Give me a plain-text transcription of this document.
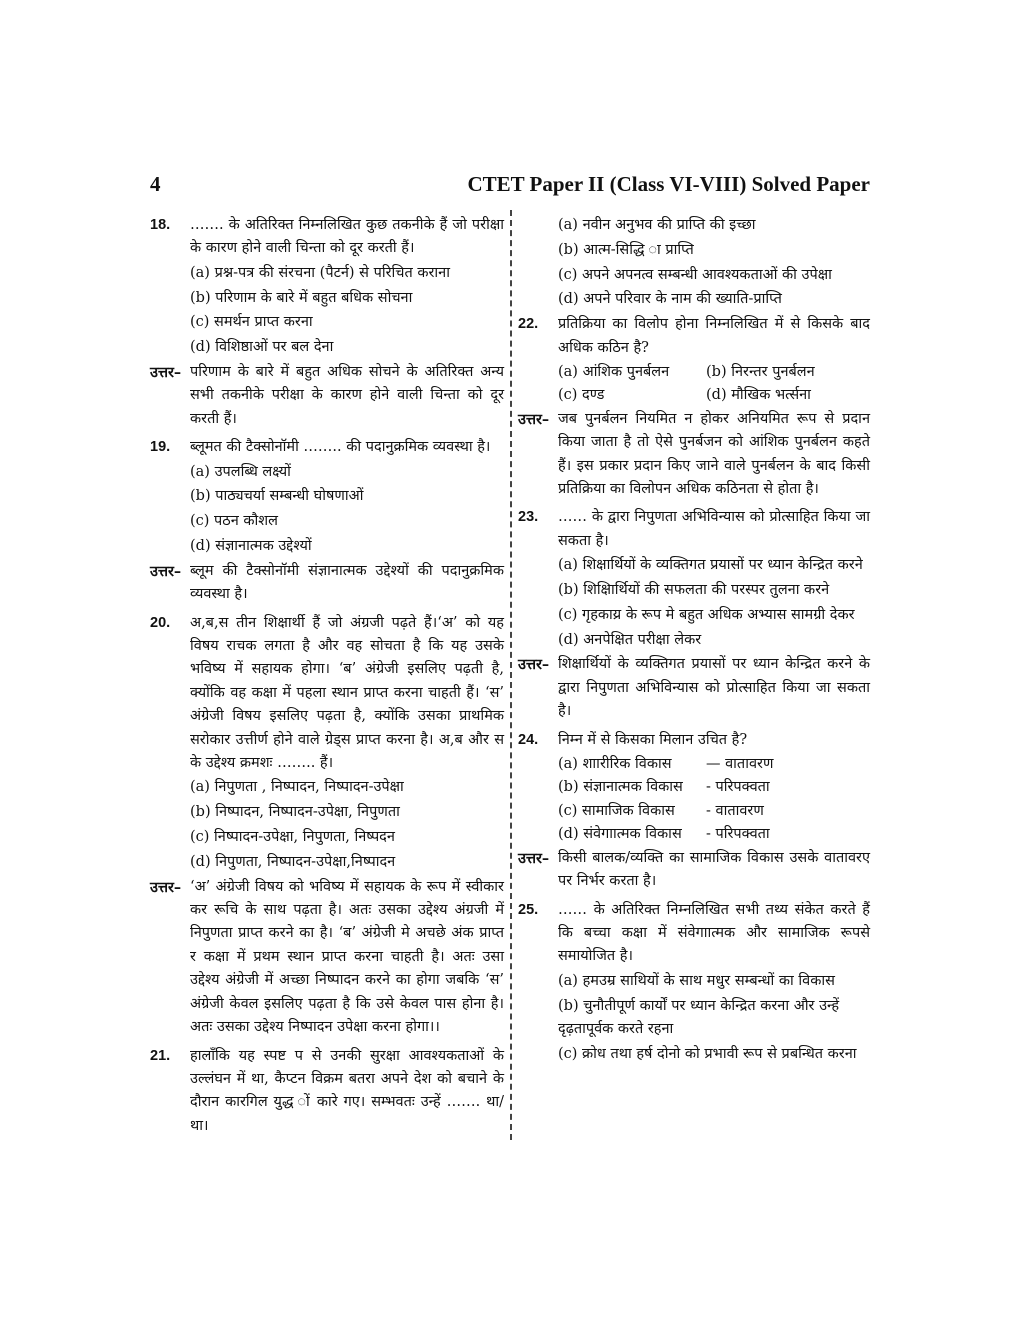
4	CTET Paper II (Class VI-VIII) Solved Paper
18. ……. के अतिरिक्त निम्नलिखित कुछ तकनीके हैं जो परीक्षा के कारण होने वाली चिन्ता को दूर करती हैं।
(a) प्रश्न-पत्र की संरचना (पैटर्न) से परिचित कराना
(b) परिणाम के बारे में बहुत बधिक सोचना
(c) समर्थन प्राप्त करना
(d) विशिष्ठाओं पर बल देना
उत्तर– परिणाम के बारे में बहुत अधिक सोचने के अतिरिक्त अन्य सभी तकनीके परीक्षा के कारण होने वाली चिन्ता को दूर करती हैं।
19. ब्लूमत की टैक्सोनॉमी …….. की पदानुक्रमिक व्यवस्था है।
(a) उपलब्धि लक्ष्यों
(b) पाठ्यचर्या सम्बन्धी घोषणाओं
(c) पठन कौशल
(d) संज्ञानात्मक उद्देश्यों
उत्तर– ब्लूम की टैक्सोनॉमी संज्ञानात्मक उद्देश्यों की पदानुक्रमिक व्यवस्था है।
20. अ,ब,स तीन शिक्षार्थी हैं जो अंग्रजी पढ़ते हैं।‘अ’ को यह विषय राचक लगता है और वह सोचता है कि यह उसके भविष्य में सहायक होगा। ‘ब’ अंग्रेजी इसलिए पढ़ती है, क्योंकि वह कक्षा में पहला स्थान प्राप्त करना चाहती हैं। ‘स’ अंग्रेजी विषय इसलिए पढ़ता है, क्योंकि उसका प्राथमिक सरोकार उत्तीर्ण होने वाले ग्रेड्स प्राप्त करना है। अ,ब और स के उद्देश्य क्रमशः …….. हैं।
(a) निपुणता , निष्पादन, निष्पादन-उपेक्षा
(b) निष्पादन, निष्पादन-उपेक्षा, निपुणता
(c) निष्पादन-उपेक्षा, निपुणता, निष्पदन
(d) निपुणता, निष्पादन-उपेक्षा,निष्पादन
उत्तर– ‘अ’ अंग्रेजी विषय को भविष्य में सहायक के रूप में स्वीकार कर रूचि के साथ पढ़ता है। अतः उसका उद्देश्य अंग्रजी में निपुणता प्राप्त करने का है। ‘ब’ अंग्रेजी मे अचछे अंक प्राप्त र कक्षा में प्रथम स्थान प्राप्त करना चाहती है। अतः उसा उद्देश्य अंग्रेजी में अच्छा निष्पादन करने का होगा जबकि ‘स’ अंग्रेजी केवल इसलिए पढ़ता है कि उसे केवल पास होना है। अतः उसका उद्देश्य निष्पादन उपेक्षा करना होगा।।
21. हालाँकि यह स्पष्ट प से उनकी सुरक्षा आवश्यकताओं के उल्लंघन में था, कैप्टन विक्रम बतरा अपने देश को बचाने के दौरान कारगिल युद्ध ों कारे गए। सम्भवतः उन्हें ……. था/था।
(a) नवीन अनुभव की प्राप्ति की इच्छा
(b) आत्म-सिद्धि ा प्राप्ति
(c) अपने अपनत्व सम्बन्धी आवश्यकताओं की उपेक्षा
(d) अपने परिवार के नाम की ख्याति-प्राप्ति
22. प्रतिक्रिया का विलोप होना निम्नलिखित में से किसके बाद अधिक कठिन है?
(a) आंशिक पुनर्बलन	(b) निरन्तर पुनर्बलन
(c) दण्ड	(d) मौखिक भर्त्सना
उत्तर– जब पुनर्बलन नियमित न होकर अनियमित रूप से प्रदान किया जाता है तो ऐसे पुनर्बजन को आंशिक पुनर्बलन कहते हैं। इस प्रकार प्रदान किए जाने वाले पुनर्बलन के बाद किसी प्रतिक्रिया का विलोपन अधिक कठिनता से होता है।
23. …… के द्वारा निपुणता अभिविन्यास को प्रोत्साहित किया जा सकता है।
(a) शिक्षार्थियों के व्यक्तिगत प्रयासों पर ध्यान केन्द्रित करने
(b) शिक्षिार्थियों की सफलता की परस्पर तुलना करने
(c) गृहकाय्र के रूप मे बहुत अधिक अभ्यास सामग्री देकर
(d) अनपेक्षित परीक्षा लेकर
उत्तर– शिक्षार्थियों के व्यक्तिगत प्रयासों पर ध्यान केन्द्रित करने के द्वारा निपुणता अभिविन्यास को प्रोत्साहित किया जा सकता है।
24. निम्न में से किसका मिलान उचित है?
(a) शाारीरिक विकास	— वातावरण
(b) संज्ञानात्मक विकास	- परिपक्वता
(c) सामाजिक विकास	- वातावरण
(d) संवेगाात्मक विकास	- परिपक्वता
उत्तर– किसी बालक/व्यक्ति का सामाजिक विकास उसके वातावरए पर निर्भर करता है।
25. …… के अतिरिक्त निम्नलिखित सभी तथ्य संकेत करते हैं कि बच्चा कक्षा में संवेगाात्मक और सामाजिक रूपसे समायोजित है।
(a) हमउम्र साथियों के साथ मधुर सम्बन्धों का विकास
(b) चुनौतीपूर्ण कार्यों पर ध्यान केन्द्रित करना और उन्हें दृढ़तापूर्वक करते रहना
(c) क्रोध तथा हर्ष दोनो को प्रभावी रूप से प्रबन्धित करना
